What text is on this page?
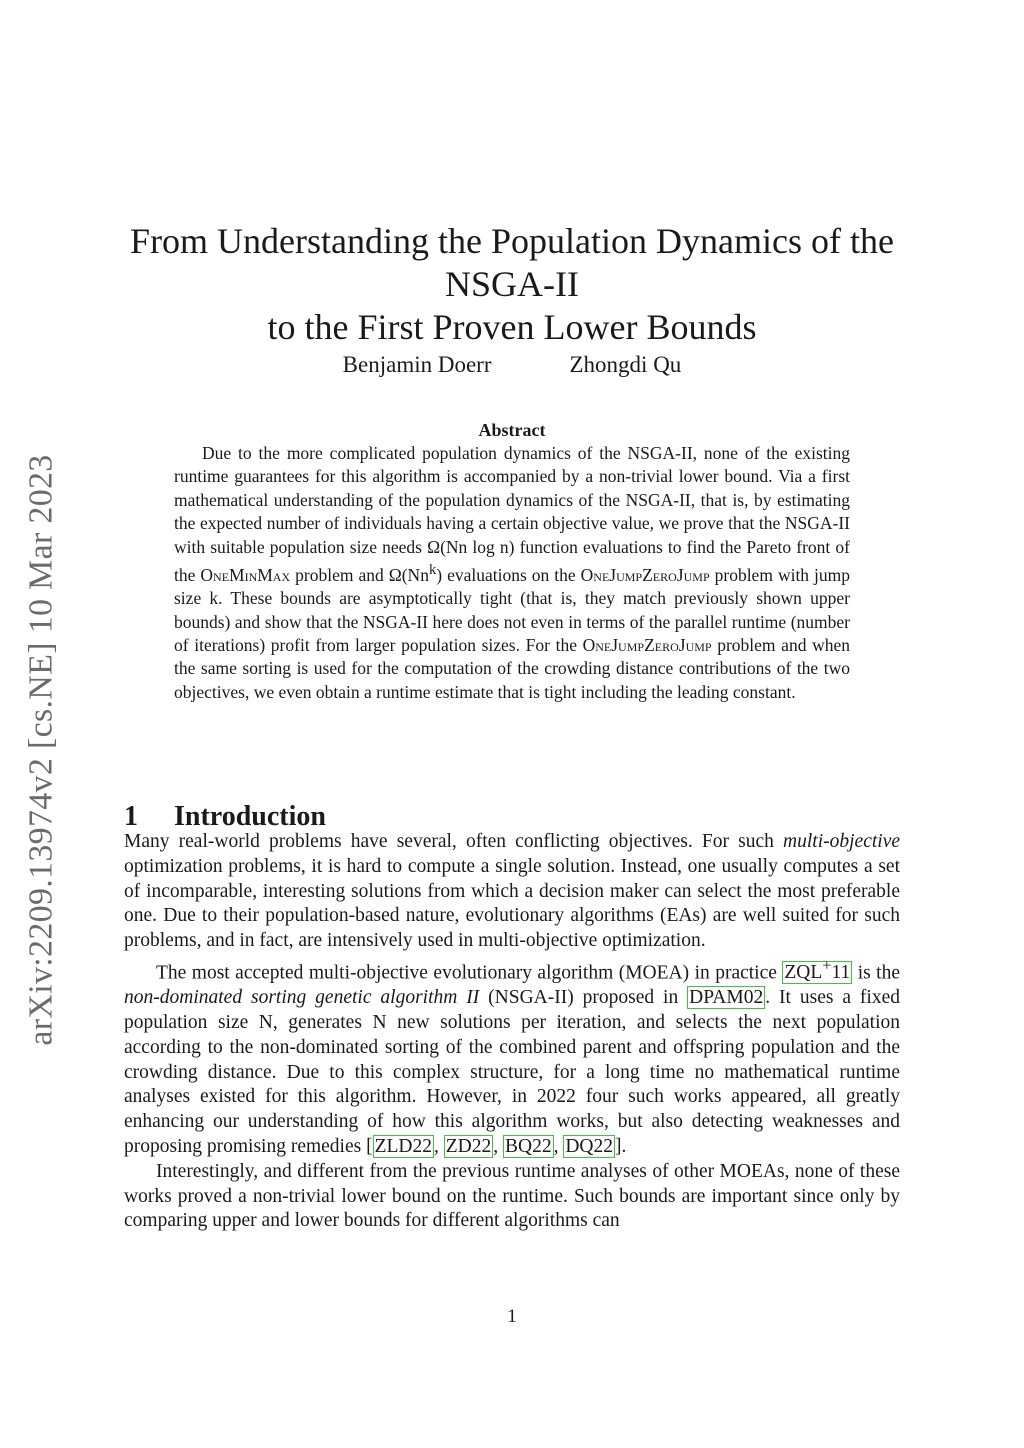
arXiv:2209.13974v2 [cs.NE] 10 Mar 2023
From Understanding the Population Dynamics of the
NSGA-II
to the First Proven Lower Bounds
Benjamin Doerr	Zhongdi Qu
Abstract

Due to the more complicated population dynamics of the NSGA-II, none of the existing runtime guarantees for this algorithm is accompanied by a non-trivial lower bound. Via a first mathematical understanding of the population dynamics of the NSGA-II, that is, by estimating the expected number of individuals having a certain objective value, we prove that the NSGA-II with suitable population size needs Ω(Nn log n) function evaluations to find the Pareto front of the OneMinMax problem and Ω(Nn$^k$) evaluations on the OneJumpZeroJump problem with jump size k. These bounds are asymptotically tight (that is, they match previously shown upper bounds) and show that the NSGA-II here does not even in terms of the parallel runtime (number of iterations) profit from larger population sizes. For the OneJumpZeroJump problem and when the same sorting is used for the computation of the crowding distance contributions of the two objectives, we even obtain a runtime estimate that is tight including the leading constant.

1 Introduction

Many real-world problems have several, often conflicting objectives. For such multi-objective optimization problems, it is hard to compute a single solution. Instead, one usually computes a set of incomparable, interesting solutions from which a decision maker can select the most preferable one. Due to their population-based nature, evolutionary algorithms (EAs) are well suited for such problems, and in fact, are intensively used in multi-objective optimization.

The most accepted multi-objective evolutionary algorithm (MOEA) in practice ZQL+11 is the non-dominated sorting genetic algorithm II (NSGA-II) proposed in DPAM02 . It uses a fixed population size N, generates N new solutions per iteration, and selects the next population according to the non-dominated sorting of the combined parent and offspring population and the crowding distance. Due to this complex structure, for a long time no mathematical runtime analyses existed for this algorithm. However, in 2022 four such works appeared, all greatly enhancing our understanding of how this algorithm works, but also detecting weaknesses and proposing promising remedies [ ZLD22 , ZD22 , BQ22 , DQ22 ].

Interestingly, and different from the previous runtime analyses of other MOEAs, none of these works proved a non-trivial lower bound on the runtime. Such bounds are important since only by comparing upper and lower bounds for different algorithms can

1
